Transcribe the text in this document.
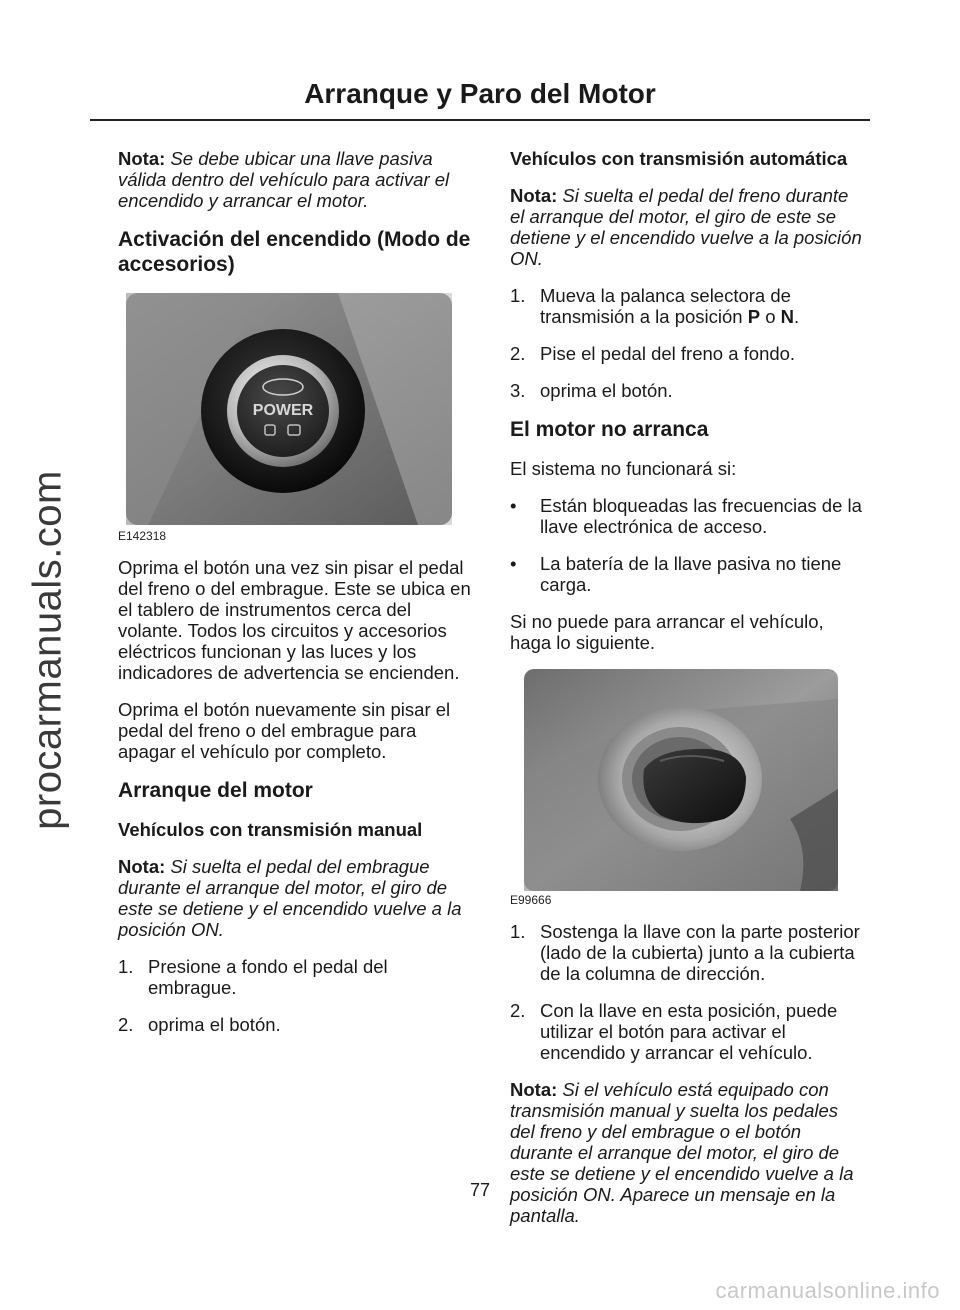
procarmanuals.com
Arranque y Paro del Motor

Nota: Se debe ubicar una llave pasiva válida dentro del vehículo para activar el encendido y arrancar el motor.

Activación del encendido (Modo de accesorios)
POWER
E142318

Oprima el botón una vez sin pisar el pedal del freno o del embrague. Este se ubica en el tablero de instrumentos cerca del volante. Todos los circuitos y accesorios eléctricos funcionan y las luces y los indicadores de advertencia se encienden.

Oprima el botón nuevamente sin pisar el pedal del freno o del embrague para apagar el vehículo por completo.

Arranque del motor
Vehículos con transmisión manual

Nota: Si suelta el pedal del embrague durante el arranque del motor, el giro de este se detiene y el encendido vuelve a la posición ON.

1. Presione a fondo el pedal del embrague.
2. oprima el botón.
Vehículos con transmisión automática

Nota: Si suelta el pedal del freno durante el arranque del motor, el giro de este se detiene y el encendido vuelve a la posición ON.

1. Mueva la palanca selectora de transmisión a la posición P o N.
2. Pise el pedal del freno a fondo.
3. oprima el botón.
El motor no arranca

El sistema no funcionará si:

• Están bloqueadas las frecuencias de la llave electrónica de acceso.
• La batería de la llave pasiva no tiene carga.

Si no puede para arrancar el vehículo, haga lo siguiente.

E99666
1. Sostenga la llave con la parte posterior (lado de la cubierta) junto a la cubierta de la columna de dirección.
2. Con la llave en esta posición, puede utilizar el botón para activar el encendido y arrancar el vehículo.

Nota: Si el vehículo está equipado con transmisión manual y suelta los pedales del freno y del embrague o el botón durante el arranque del motor, el giro de este se detiene y el encendido vuelve a la posición ON. Aparece un mensaje en la pantalla.

77
carmanualsonline.info
